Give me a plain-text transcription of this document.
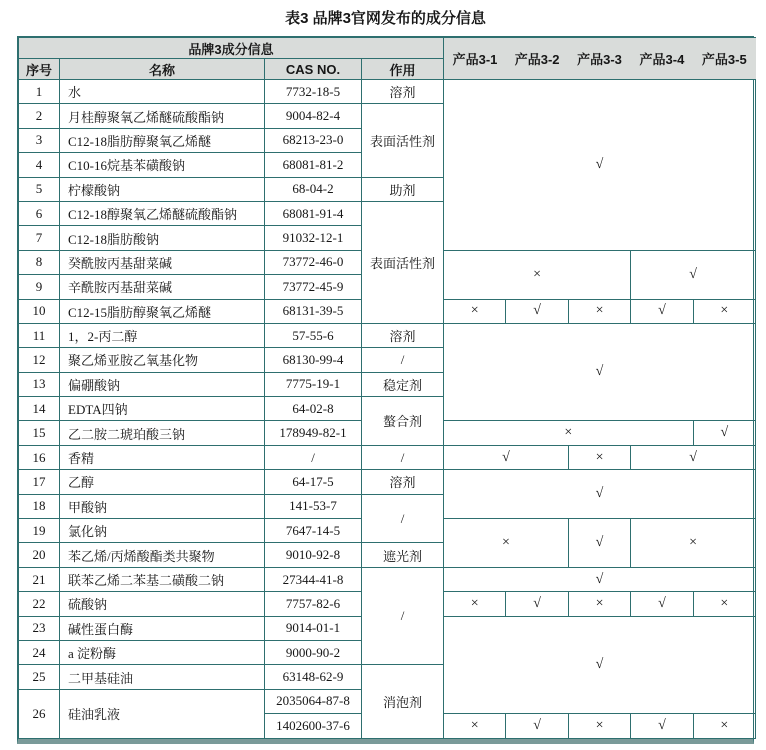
表3 品牌3官网发布的成分信息
品牌3成分信息				产品3-1	产品3-2	产品3-3	产品3-4	产品3-5
序号	名称	CAS NO.	作用					
1	水	7732-18-5	溶剂	√				
2	月桂醇聚氧乙烯醚硫酸酯钠	9004-82-4	表面活性剂					
3	C12-18脂肪醇聚氧乙烯醚	68213-23-0						
4	C10-16烷基苯磺酸钠	68081-81-2						
5	柠檬酸钠	68-04-2	助剂					
6	C12-18醇聚氧乙烯醚硫酸酯钠	68081-91-4	表面活性剂					
7	C12-18脂肪酸钠	91032-12-1						
8	癸酰胺丙基甜菜碱	73772-46-0		×			√	
9	辛酰胺丙基甜菜碱	73772-45-9						
10	C12-15脂肪醇聚氧乙烯醚	68131-39-5		×	√	×	√	×
11	1，2-丙二醇	57-55-6	溶剂	√				
12	聚乙烯亚胺乙氧基化物	68130-99-4	/					
13	偏硼酸钠	7775-19-1	稳定剂					
14	EDTA四钠	64-02-8	螯合剂					
15	乙二胺二琥珀酸三钠	178949-82-1		×				√
16	香精	/	/	√		×	√	
17	乙醇	64-17-5	溶剂	√				
18	甲酸钠	141-53-7	/					
19	氯化钠	7647-14-5		×		√	×	
20	苯乙烯/丙烯酸酯类共聚物	9010-92-8	遮光剂					
21	联苯乙烯二苯基二磺酸二钠	27344-41-8	/	√				
22	硫酸钠	7757-82-6		×	√	×	√	×
23	碱性蛋白酶	9014-01-1		√				
24	a 淀粉酶	9000-90-2						
25	二甲基硅油	63148-62-9	消泡剂					
26	硅油乳液	2035064-87-8						
		1402600-37-6		×	√	×	√	×
